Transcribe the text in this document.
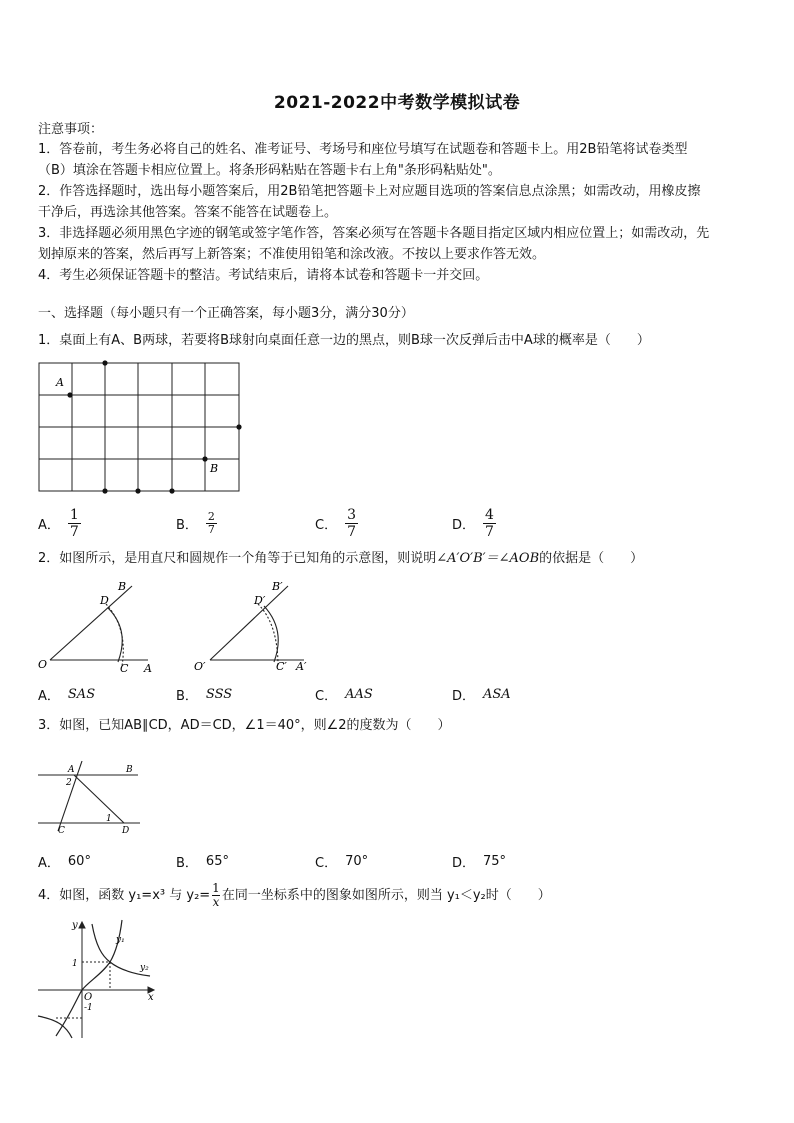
2021-2022中考数学模拟试卷
注意事项：
1．答卷前，考生务必将自己的姓名、准考证号、考场号和座位号填写在试题卷和答题卡上。用2B铅笔将试卷类型
（B）填涂在答题卡相应位置上。将条形码粘贴在答题卡右上角"条形码粘贴处"。
2．作答选择题时，选出每小题答案后，用2B铅笔把答题卡上对应题目选项的答案信息点涂黑；如需改动，用橡皮擦
干净后，再选涂其他答案。答案不能答在试题卷上。
3．非选择题必须用黑色字迹的钢笔或签字笔作答，答案必须写在答题卡各题目指定区域内相应位置上；如需改动，先
划掉原来的答案，然后再写上新答案；不准使用铅笔和涂改液。不按以上要求作答无效。
4．考生必须保证答题卡的整洁。考试结束后，请将本试卷和答题卡一并交回。
一、选择题（每小题只有一个正确答案，每小题3分，满分30分）
1．桌面上有A、B两球，若要将B球射向桌面任意一边的黑点，则B球一次反弹后击中A球的概率是（　　）
A
B
A． $\frac{1}{7}$	B． $\frac{2}{7}$	C． $\frac{3}{7}$	D． $\frac{4}{7}$
2．如图所示，是用直尺和圆规作一个角等于已知角的示意图，则说明∠A′O′B′＝∠AOB的依据是（　　）
O	A
B
C
D
O′	A′
B′
C′
D′
A． SAS	B． SSS	C． AAS	D． ASA
3．如图，已知AB∥CD，AD＝CD，∠1＝40°，则∠2的度数为（　　）
A	B
C	D
1
2
A． 60°	B． 65°	C． 70°	D． 75°
4．如图，函数 y₁=x³ 与 $y_2= \frac{1}{x}$ 在同一坐标系中的图象如图所示，则当 y₁＜y₂时（　　）
y
x
O
1
-1
y₁
y₂
